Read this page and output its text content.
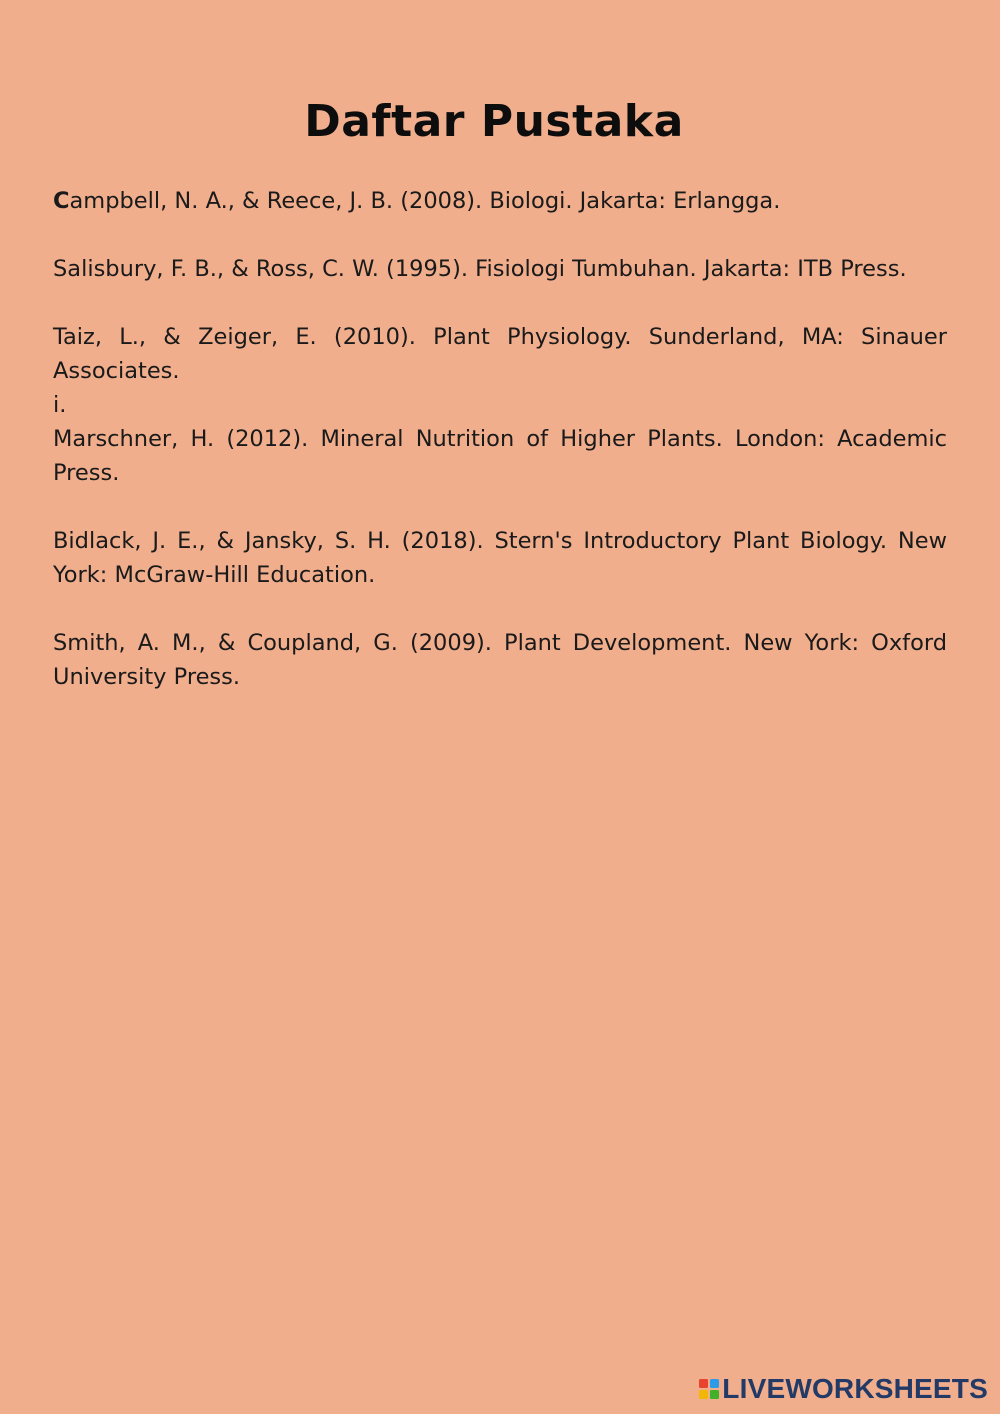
Daftar Pustaka

Campbell, N. A., & Reece, J. B. (2008). Biologi. Jakarta: Erlangga.

Salisbury, F. B., & Ross, C. W. (1995). Fisiologi Tumbuhan. Jakarta: ITB Press.

Taiz, L., & Zeiger, E. (2010). Plant Physiology. Sunderland, MA: Sinauer Associates.

i.

Marschner, H. (2012). Mineral Nutrition of Higher Plants. London: Academic Press.

Bidlack, J. E., & Jansky, S. H. (2018). Stern's Introductory Plant Biology. New York: McGraw-Hill Education.

Smith, A. M., & Coupland, G. (2009). Plant Development. New York: Oxford University Press.

LIVEWORKSHEETS
